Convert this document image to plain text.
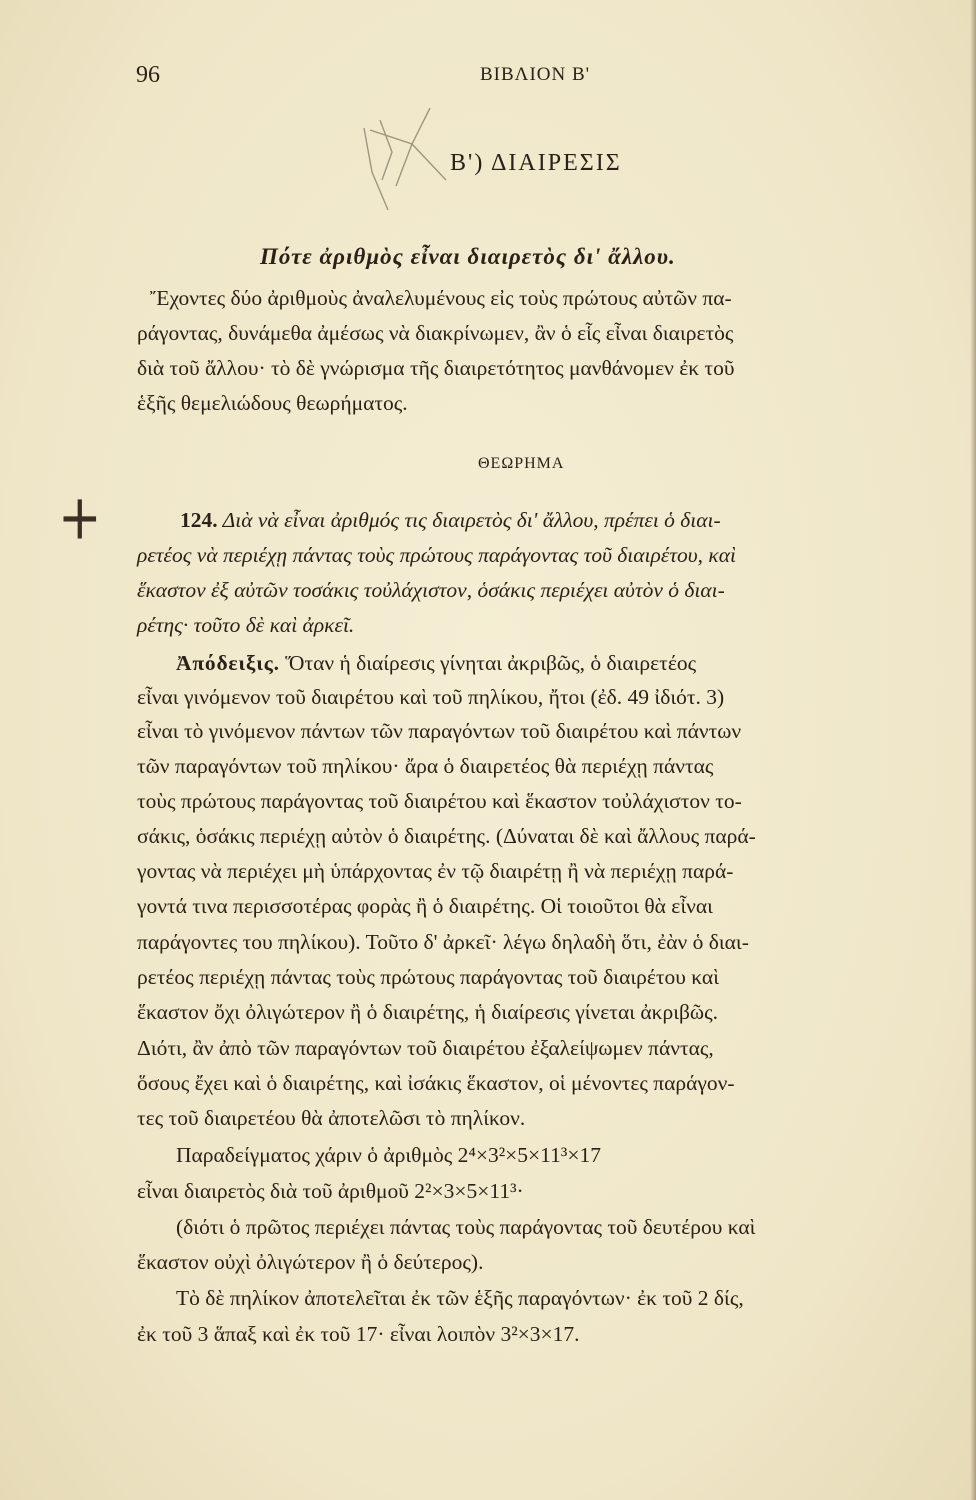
96	ΒΙΒΛΙΟΝ Β'
Β') ΔΙΑΙΡΕΣΙΣ
Πότε ἀριθμὸς εἶναι διαιρετὸς δι' ἄλλου.
Ἔχοντες δύο ἀριθμοὺς ἀναλελυμένους εἰς τοὺς πρώτους αὐτῶν πα-
ράγοντας, δυνάμεθα ἀμέσως νὰ διακρίνωμεν, ἂν ὁ εἷς εἶναι διαιρετὸς
διὰ τοῦ ἄλλου· τὸ δὲ γνώρισμα τῆς διαιρετότητος μανθάνομεν ἐκ τοῦ
ἑξῆς θεμελιώδους θεωρήματος.
ΘΕΩΡΗΜΑ
+	124. Διὰ νὰ εἶναι ἀριθμός τις διαιρετὸς δι' ἄλλου, πρέπει ὁ διαι-
ρετέος νὰ περιέχῃ πάντας τοὺς πρώτους παράγοντας τοῦ διαιρέτου, καὶ
ἕκαστον ἐξ αὐτῶν τοσάκις τοὐλάχιστον, ὁσάκις περιέχει αὐτὸν ὁ διαι-
ρέτης· τοῦτο δὲ καὶ ἀρκεῖ.
Ἀπόδειξις. Ὅταν ἡ διαίρεσις γίνηται ἀκριβῶς, ὁ διαιρετέος
εἶναι γινόμενον τοῦ διαιρέτου καὶ τοῦ πηλίκου, ἤτοι (ἐδ. 49 ἰδιότ. 3)
εἶναι τὸ γινόμενον πάντων τῶν παραγόντων τοῦ διαιρέτου καὶ πάντων
τῶν παραγόντων τοῦ πηλίκου· ἄρα ὁ διαιρετέος θὰ περιέχῃ πάντας
τοὺς πρώτους παράγοντας τοῦ διαιρέτου καὶ ἕκαστον τοὐλάχιστον το-
σάκις, ὁσάκις περιέχῃ αὐτὸν ὁ διαιρέτης. (Δύναται δὲ καὶ ἄλλους παρά-
γοντας νὰ περιέχει μὴ ὑπάρχοντας ἐν τῷ διαιρέτῃ ἢ νὰ περιέχῃ παρά-
γοντά τινα περισσοτέρας φορὰς ἢ ὁ διαιρέτης. Οἱ τοιοῦτοι θὰ εἶναι
παράγοντες του πηλίκου). Τοῦτο δ' ἀρκεῖ· λέγω δηλαδὴ ὅτι, ἐὰν ὁ διαι-
ρετέος περιέχῃ πάντας τοὺς πρώτους παράγοντας τοῦ διαιρέτου καὶ
ἕκαστον ὄχι ὀλιγώτερον ἢ ὁ διαιρέτης, ἡ διαίρεσις γίνεται ἀκριβῶς.
Διότι, ἂν ἀπὸ τῶν παραγόντων τοῦ διαιρέτου ἐξαλείψωμεν πάντας,
ὅσους ἔχει καὶ ὁ διαιρέτης, καὶ ἰσάκις ἕκαστον, οἱ μένοντες παράγον-
τες τοῦ διαιρετέου θὰ ἀποτελῶσι τὸ πηλίκον.
Παραδείγματος χάριν ὁ ἀριθμὸς 2⁴×3²×5×11³×17
εἶναι διαιρετὸς διὰ τοῦ ἀριθμοῦ 2²×3×5×11³·
(διότι ὁ πρῶτος περιέχει πάντας τοὺς παράγοντας τοῦ δευτέρου καὶ
ἕκαστον οὐχὶ ὀλιγώτερον ἢ ὁ δεύτερος).
Τὸ δὲ πηλίκον ἀποτελεῖται ἐκ τῶν ἑξῆς παραγόντων· ἐκ τοῦ 2 δίς,
ἐκ τοῦ 3 ἅπαξ καὶ ἐκ τοῦ 17· εἶναι λοιπὸν 3²×3×17.
